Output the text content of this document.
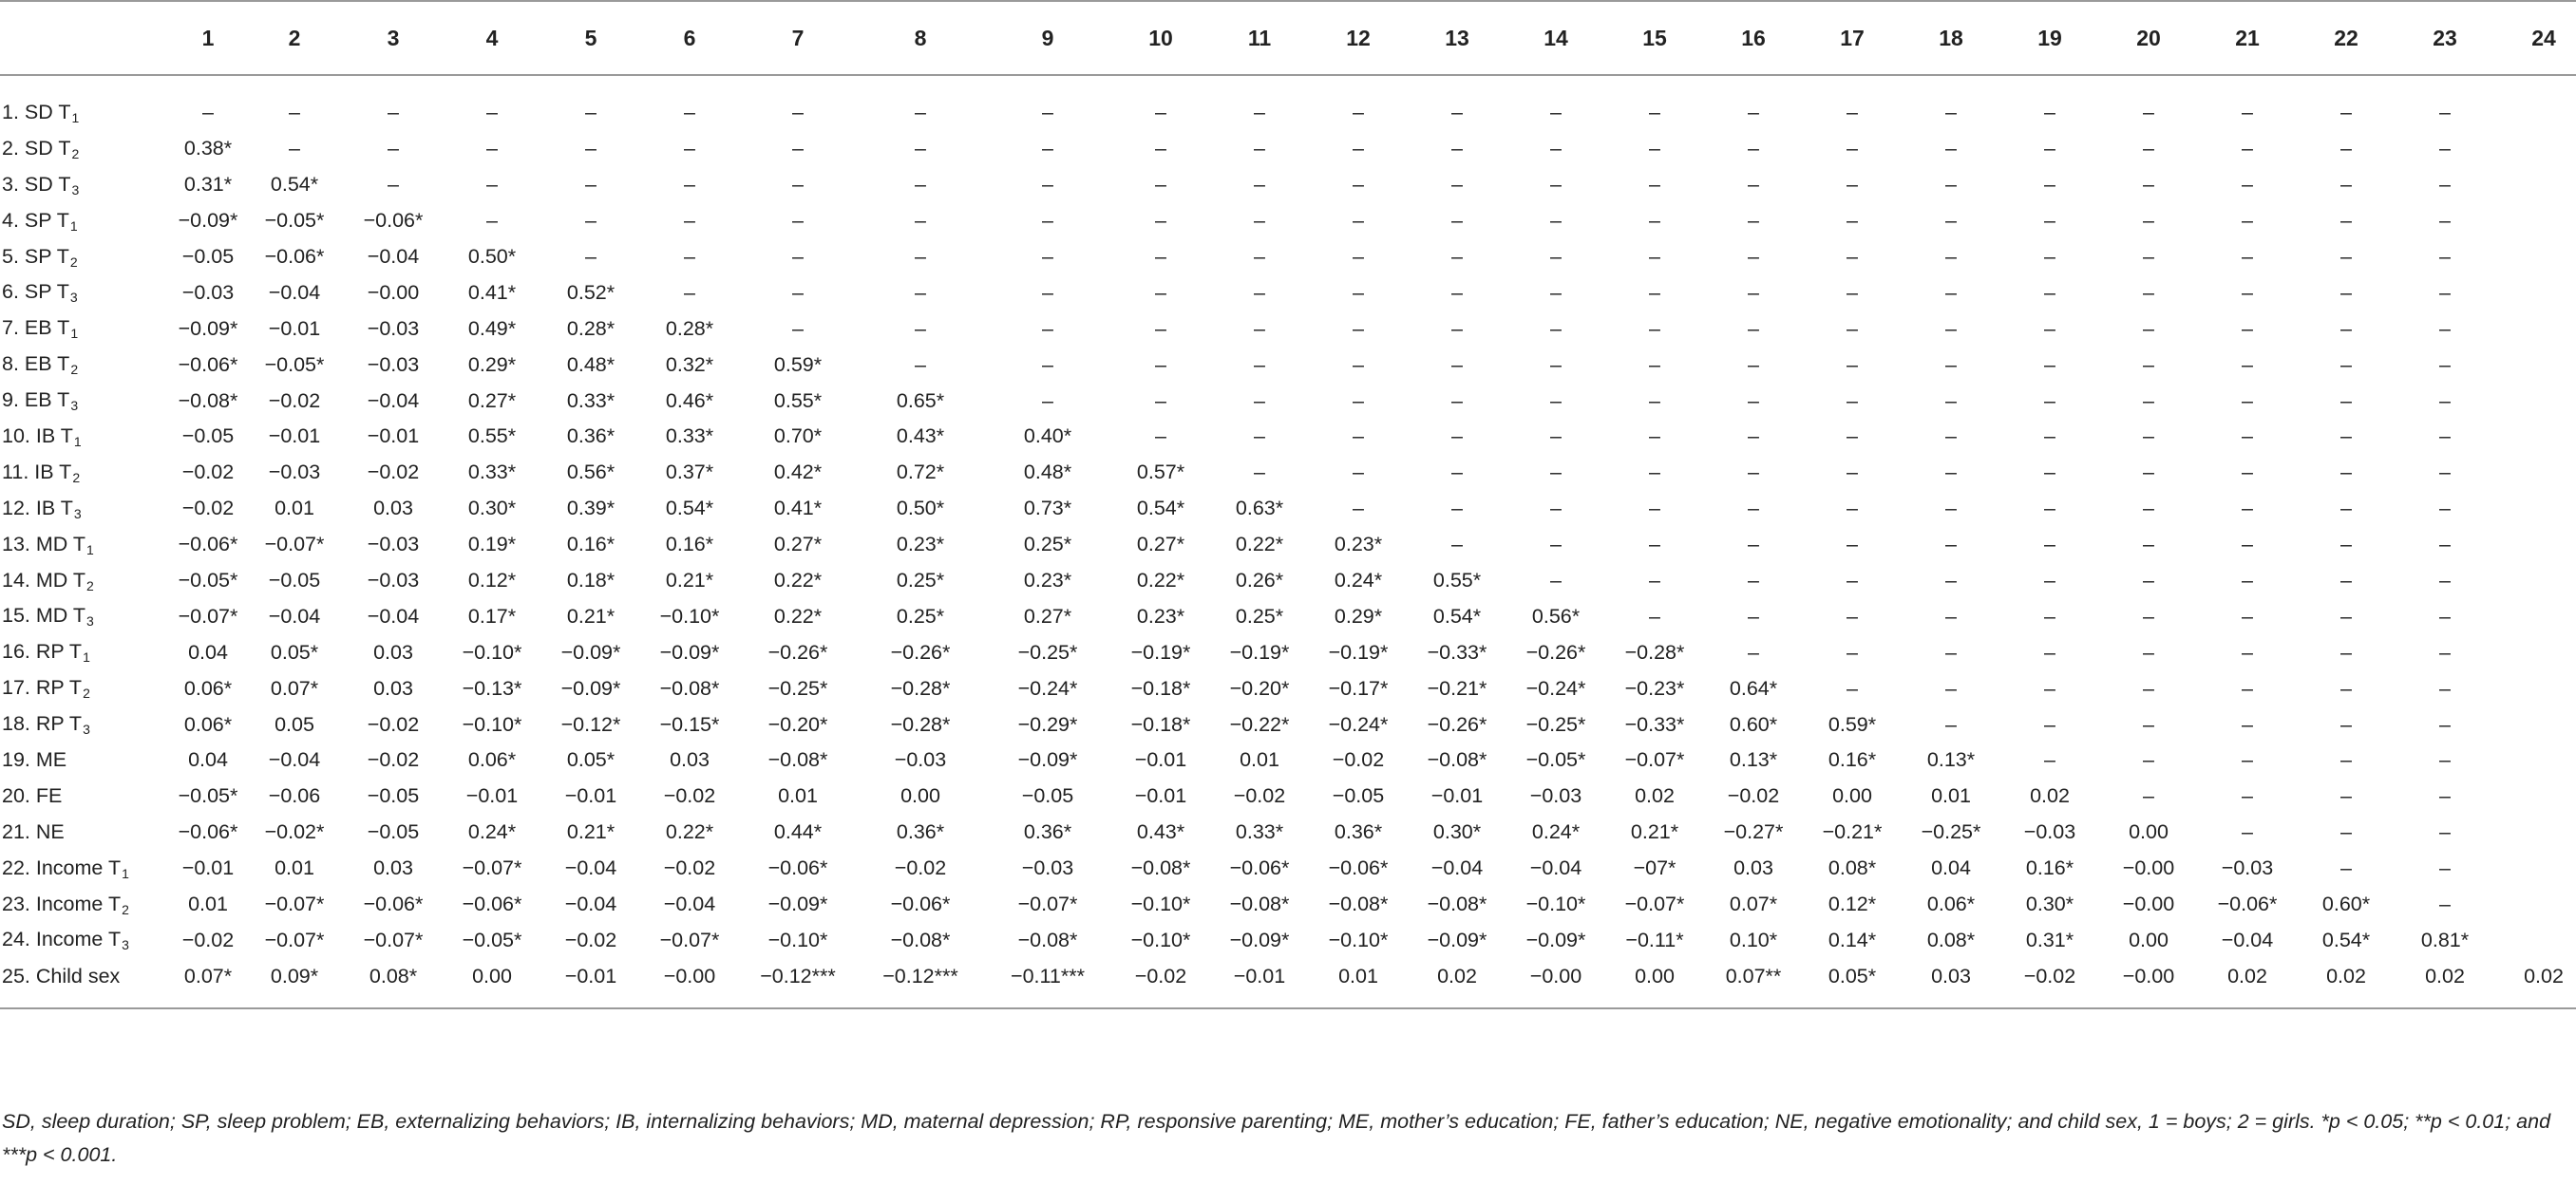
	1	2	3	4	5	6	7	8	9	10	11	12	13	14	15	16	17	18	19	20	21	22	23	24
1. SD $T_1$	–	–	–	–	–	–	–	–	–	–	–	–	–	–	–	–	–	–	–	–	–	–	–	
2. SD $T_2$	0.38*	–	–	–	–	–	–	–	–	–	–	–	–	–	–	–	–	–	–	–	–	–	–	
3. SD $T_3$	0.31*	0.54*	–	–	–	–	–	–	–	–	–	–	–	–	–	–	–	–	–	–	–	–	–	
4. SP $T_1$	−0.09*	−0.05*	−0.06*	–	–	–	–	–	–	–	–	–	–	–	–	–	–	–	–	–	–	–	–	
5. SP $T_2$	−0.05	−0.06*	−0.04	0.50*	–	–	–	–	–	–	–	–	–	–	–	–	–	–	–	–	–	–	–	
6. SP $T_3$	−0.03	−0.04	−0.00	0.41*	0.52*	–	–	–	–	–	–	–	–	–	–	–	–	–	–	–	–	–	–	
7. EB $T_1$	−0.09*	−0.01	−0.03	0.49*	0.28*	0.28*	–	–	–	–	–	–	–	–	–	–	–	–	–	–	–	–	–	
8. EB $T_2$	−0.06*	−0.05*	−0.03	0.29*	0.48*	0.32*	0.59*	–	–	–	–	–	–	–	–	–	–	–	–	–	–	–	–	
9. EB $T_3$	−0.08*	−0.02	−0.04	0.27*	0.33*	0.46*	0.55*	0.65*	–	–	–	–	–	–	–	–	–	–	–	–	–	–	–	
10. IB $T_1$	−0.05	−0.01	−0.01	0.55*	0.36*	0.33*	0.70*	0.43*	0.40*	–	–	–	–	–	–	–	–	–	–	–	–	–	–	
11. IB $T_2$	−0.02	−0.03	−0.02	0.33*	0.56*	0.37*	0.42*	0.72*	0.48*	0.57*	–	–	–	–	–	–	–	–	–	–	–	–	–	
12. IB $T_3$	−0.02	0.01	0.03	0.30*	0.39*	0.54*	0.41*	0.50*	0.73*	0.54*	0.63*	–	–	–	–	–	–	–	–	–	–	–	–	
13. MD $T_1$	−0.06*	−0.07*	−0.03	0.19*	0.16*	0.16*	0.27*	0.23*	0.25*	0.27*	0.22*	0.23*	–	–	–	–	–	–	–	–	–	–	–	
14. MD $T_2$	−0.05*	−0.05	−0.03	0.12*	0.18*	0.21*	0.22*	0.25*	0.23*	0.22*	0.26*	0.24*	0.55*	–	–	–	–	–	–	–	–	–	–	
15. MD $T_3$	−0.07*	−0.04	−0.04	0.17*	0.21*	−0.10*	0.22*	0.25*	0.27*	0.23*	0.25*	0.29*	0.54*	0.56*	–	–	–	–	–	–	–	–	–	
16. RP $T_1$	0.04	0.05*	0.03	−0.10*	−0.09*	−0.09*	−0.26*	−0.26*	−0.25*	−0.19*	−0.19*	−0.19*	−0.33*	−0.26*	−0.28*	–	–	–	–	–	–	–	–	
17. RP $T_2$	0.06*	0.07*	0.03	−0.13*	−0.09*	−0.08*	−0.25*	−0.28*	−0.24*	−0.18*	−0.20*	−0.17*	−0.21*	−0.24*	−0.23*	0.64*	–	–	–	–	–	–	–	
18. RP $T_3$	0.06*	0.05	−0.02	−0.10*	−0.12*	−0.15*	−0.20*	−0.28*	−0.29*	−0.18*	−0.22*	−0.24*	−0.26*	−0.25*	−0.33*	0.60*	0.59*	–	–	–	–	–	–	
19. ME	0.04	−0.04	−0.02	0.06*	0.05*	0.03	−0.08*	−0.03	−0.09*	−0.01	0.01	−0.02	−0.08*	−0.05*	−0.07*	0.13*	0.16*	0.13*	–	–	–	–	–	
20. FE	−0.05*	−0.06	−0.05	−0.01	−0.01	−0.02	0.01	0.00	−0.05	−0.01	−0.02	−0.05	−0.01	−0.03	0.02	−0.02	0.00	0.01	0.02	–	–	–	–	
21. NE	−0.06*	−0.02*	−0.05	0.24*	0.21*	0.22*	0.44*	0.36*	0.36*	0.43*	0.33*	0.36*	0.30*	0.24*	0.21*	−0.27*	−0.21*	−0.25*	−0.03	0.00	–	–	–	
22. Income $T_1$	−0.01	0.01	0.03	−0.07*	−0.04	−0.02	−0.06*	−0.02	−0.03	−0.08*	−0.06*	−0.06*	−0.04	−0.04	−07*	0.03	0.08*	0.04	0.16*	−0.00	−0.03	–	–	
23. Income $T_2$	0.01	−0.07*	−0.06*	−0.06*	−0.04	−0.04	−0.09*	−0.06*	−0.07*	−0.10*	−0.08*	−0.08*	−0.08*	−0.10*	−0.07*	0.07*	0.12*	0.06*	0.30*	−0.00	−0.06*	0.60*	–	
24. Income $T_3$	−0.02	−0.07*	−0.07*	−0.05*	−0.02	−0.07*	−0.10*	−0.08*	−0.08*	−0.10*	−0.09*	−0.10*	−0.09*	−0.09*	−0.11*	0.10*	0.14*	0.08*	0.31*	0.00	−0.04	0.54*	0.81*	
25. Child sex	0.07*	0.09*	0.08*	0.00	−0.01	−0.00	−0.12***	−0.12***	−0.11***	−0.02	−0.01	0.01	0.02	−0.00	0.00	0.07**	0.05*	0.03	−0.02	−0.00	0.02	0.02	0.02	0.02
SD, sleep duration; SP, sleep problem; EB, externalizing behaviors; IB, internalizing behaviors; MD, maternal depression; RP, responsive parenting; ME, mother’s education; FE, father’s education; NE, negative emotionality; and child sex, 1 = boys; 2 = girls. *p < 0.05; **p < 0.01; and ***p < 0.001.
